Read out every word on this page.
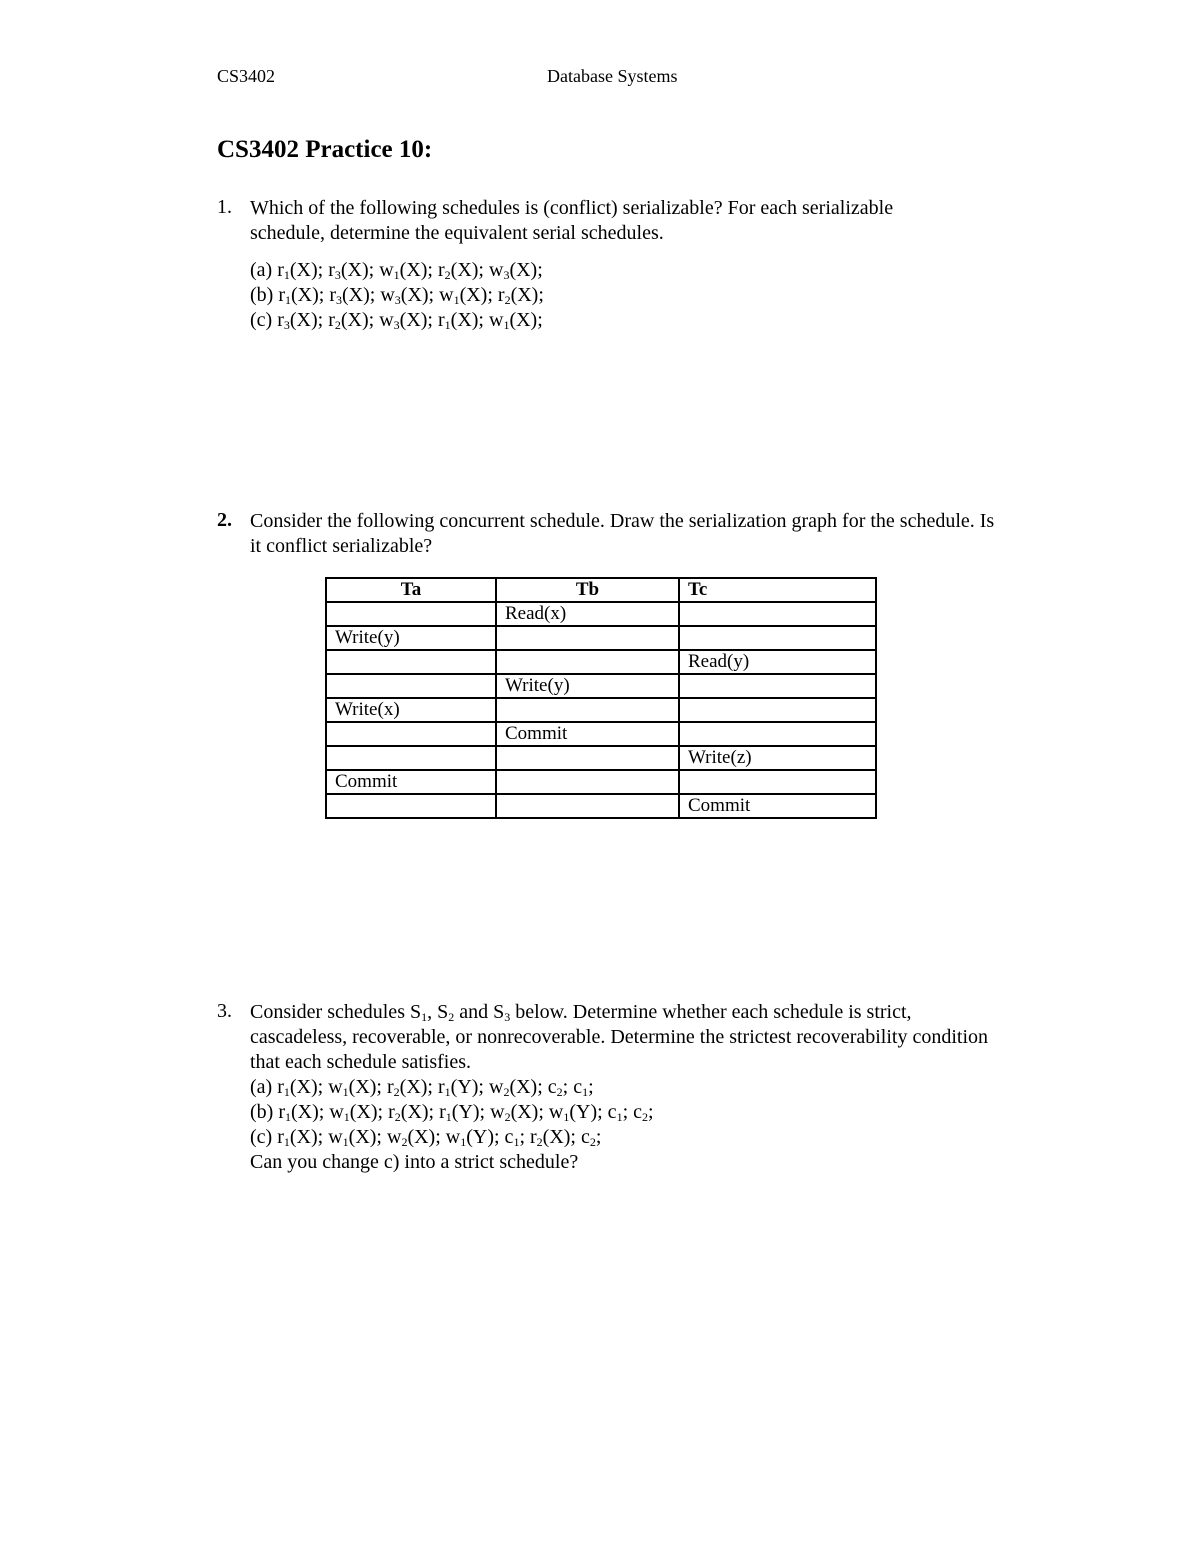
CS3402	Database Systems
CS3402 Practice 10:
1. Which of the following schedules is (conflict) serializable? For each serializable schedule, determine the equivalent serial schedules.
(a) $r_1(X)$; $r_3(X)$; $w_1(X)$; $r_2(X)$; $w_3(X)$;
(b) $r_1(X)$; $r_3(X)$; $w_3(X)$; $w_1(X)$; $r_2(X)$;
(c) $r_3(X)$; $r_2(X)$; $w_3(X)$; $r_1(X)$; $w_1(X)$;
2. Consider the following concurrent schedule. Draw the serialization graph for the schedule. Is it conflict serializable?
Ta	Tb	Tc
	Read(x)	
Write(y)		
		Read(y)
	Write(y)	
Write(x)		
	Commit	
		Write(z)
Commit		
		Commit
3. Consider schedules $S_1$, $S_2$ and $S_3$ below. Determine whether each schedule is strict, cascadeless, recoverable, or nonrecoverable. Determine the strictest recoverability condition that each schedule satisfies.
(a) $r_1(X)$; $w_1(X)$; $r_2(X)$; $r_1(Y)$; $w_2(X)$; $c_2$; $c_1$;
(b) $r_1(X)$; $w_1(X)$; $r_2(X)$; $r_1(Y)$; $w_2(X)$; $w_1(Y)$; $c_1$; $c_2$;
(c) $r_1(X)$; $w_1(X)$; $w_2(X)$; $w_1(Y)$; $c_1$; $r_2(X)$; $c_2$;
Can you change c) into a strict schedule?
